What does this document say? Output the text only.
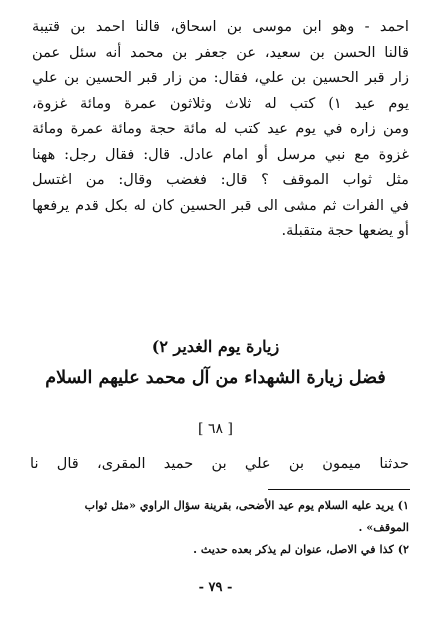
احمد - وهو ابن موسى بن اسحاق، قالنا احمد بن قتيبة
قالنا الحسن بن سعيد، عن جعفر بن محمد أنه سئل عمن
زار قبر الحسين بن علي، فقال: من زار قبر الحسين بن علي
يوم عيد ١) كتب له ثلاث وثلاثون عمرة ومائة غزوة،
ومن زاره في يوم عيد كتب له مائة حجة ومائة عمرة ومائة
غزوة مع نبي مرسل أو امام عادل. قال: فقال رجل: ههنا
مثل ثواب الموقف ؟ قال: فغضب وقال: من اغتسل
في الفرات ثم مشى الى قبر الحسين كان له بكل قدم يرفعها
أو يضعها حجة متقبلة.
زيارة يوم الغدير ٢)
فضل زيارة الشهداء من آل محمد عليهم السلام
[ ٦٨ ]
حدثنا ميمون بن علي بن حميد المقرى، قال نا
١) يريد عليه السلام يوم عيد الأضحى، بقرينة سؤال الراوي «مثل ثواب
الموقف» .
٢) كذا في الاصل، عنوان لم يذكر بعده حديث .
- ٧٩ -
